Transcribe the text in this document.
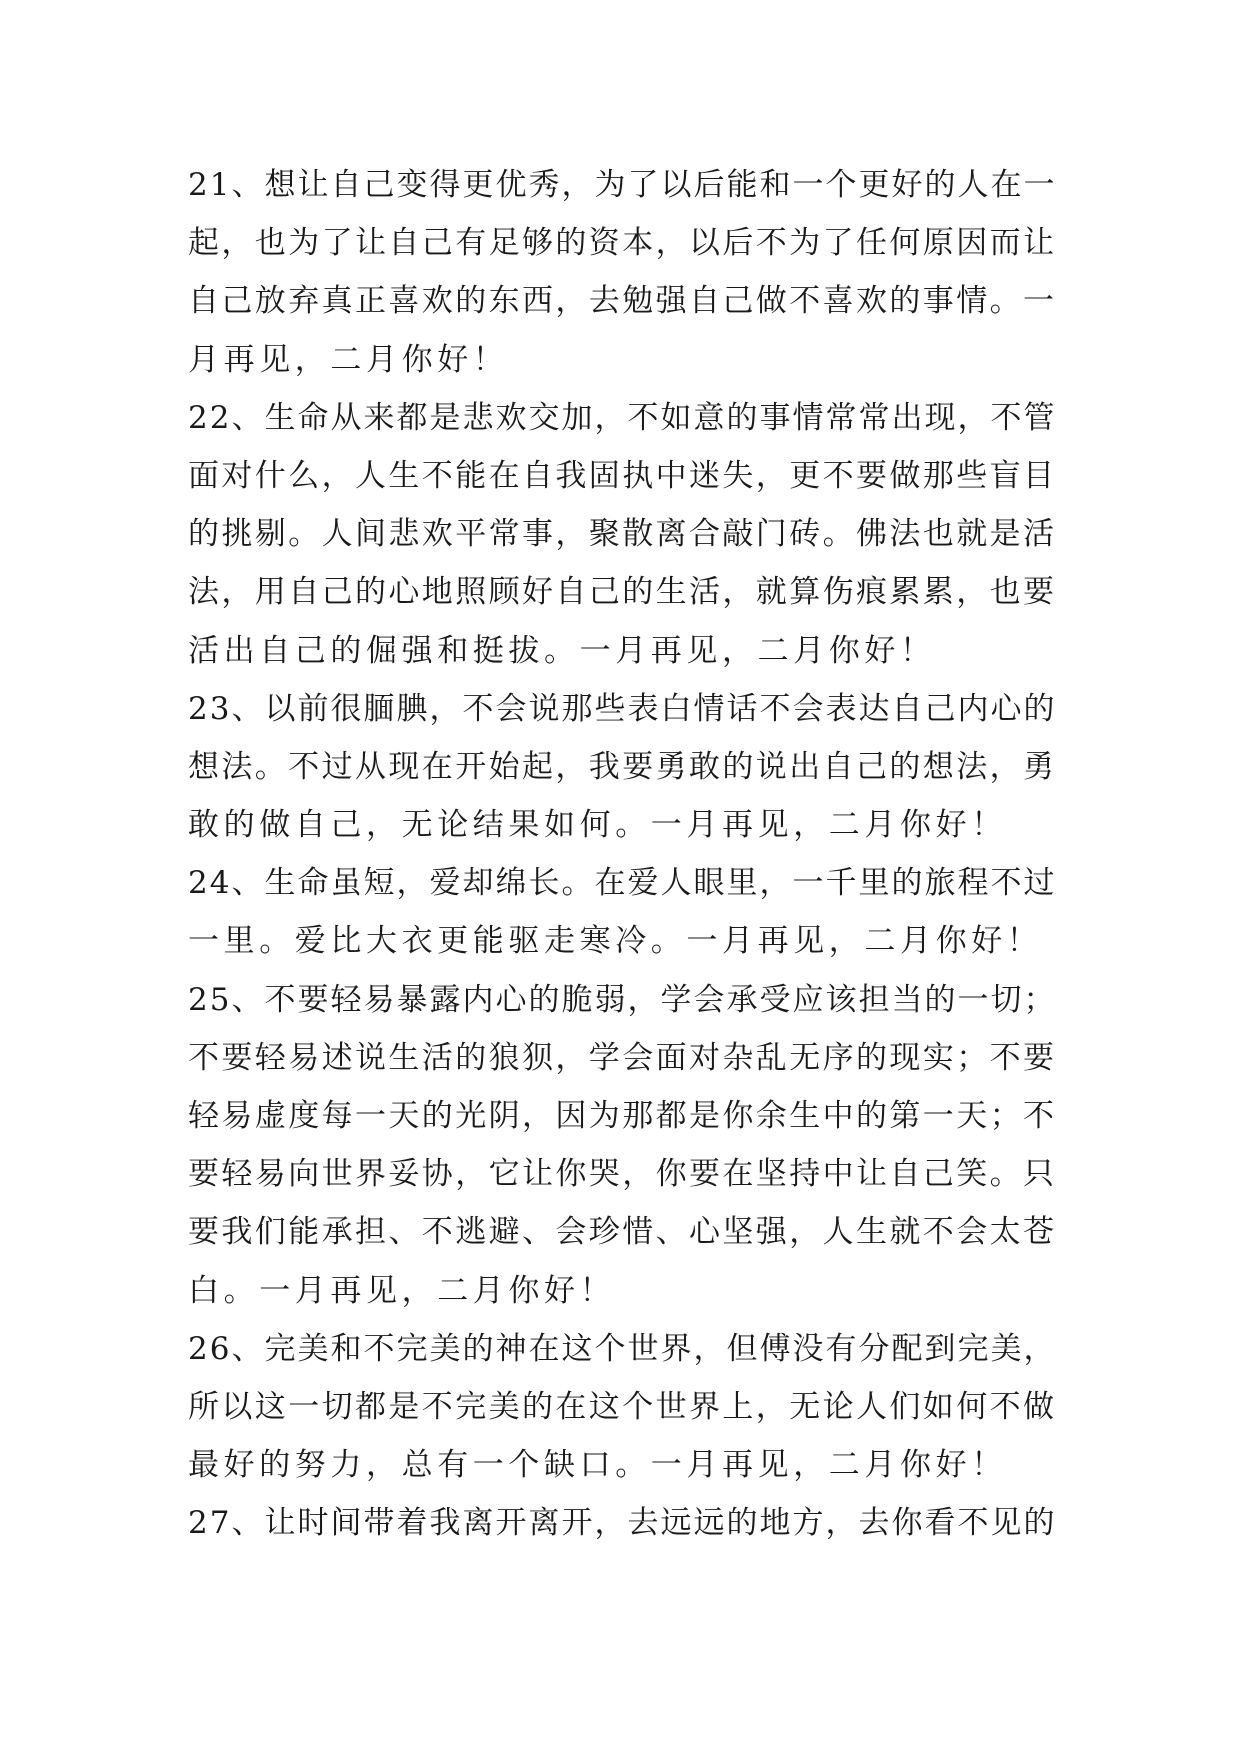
21、想让自己变得更优秀，为了以后能和一个更好的人在一
起，也为了让自己有足够的资本，以后不为了任何原因而让
自己放弃真正喜欢的东西，去勉强自己做不喜欢的事情。一
月再见，二月你好！
22、生命从来都是悲欢交加，不如意的事情常常出现，不管
面对什么，人生不能在自我固执中迷失，更不要做那些盲目
的挑剔。人间悲欢平常事，聚散离合敲门砖。佛法也就是活
法，用自己的心地照顾好自己的生活，就算伤痕累累，也要
活出自己的倔强和挺拔。一月再见，二月你好！
23、以前很腼腆，不会说那些表白情话不会表达自己内心的
想法。不过从现在开始起，我要勇敢的说出自己的想法，勇
敢的做自己，无论结果如何。一月再见，二月你好！
24、生命虽短，爱却绵长。在爱人眼里，一千里的旅程不过
一里。爱比大衣更能驱走寒冷。一月再见，二月你好！
25、不要轻易暴露内心的脆弱，学会承受应该担当的一切；
不要轻易述说生活的狼狈，学会面对杂乱无序的现实；不要
轻易虚度每一天的光阴，因为那都是你余生中的第一天；不
要轻易向世界妥协，它让你哭，你要在坚持中让自己笑。只
要我们能承担、不逃避、会珍惜、心坚强，人生就不会太苍
白。一月再见，二月你好！
26、完美和不完美的神在这个世界，但傅没有分配到完美，
所以这一切都是不完美的在这个世界上，无论人们如何不做
最好的努力，总有一个缺口。一月再见，二月你好！
27、让时间带着我离开离开，去远远的地方，去你看不见的
